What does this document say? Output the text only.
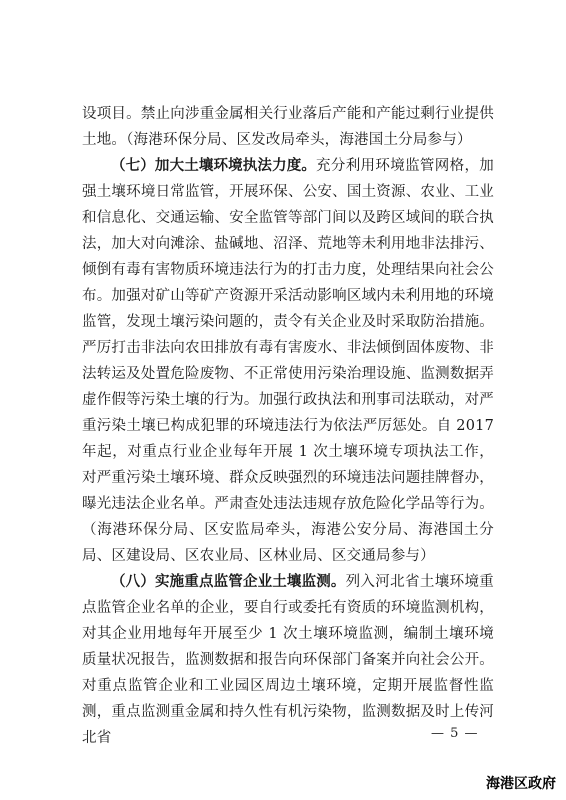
设项目。禁止向涉重金属相关行业落后产能和产能过剩行业提供土地。（海港环保分局、区发改局牵头，海港国土分局参与）

（七）加大土壤环境执法力度。充分利用环境监管网格，加强土壤环境日常监管，开展环保、公安、国土资源、农业、工业和信息化、交通运输、安全监管等部门间以及跨区域间的联合执法，加大对向滩涂、盐碱地、沼泽、荒地等未利用地非法排污、倾倒有毒有害物质环境违法行为的打击力度，处理结果向社会公布。加强对矿山等矿产资源开采活动影响区域内未利用地的环境监管，发现土壤污染问题的，责令有关企业及时采取防治措施。严厉打击非法向农田排放有毒有害废水、非法倾倒固体废物、非法转运及处置危险废物、不正常使用污染治理设施、监测数据弄虚作假等污染土壤的行为。加强行政执法和刑事司法联动，对严重污染土壤已构成犯罪的环境违法行为依法严厉惩处。自 2017 年起，对重点行业企业每年开展 1 次土壤环境专项执法工作，对严重污染土壤环境、群众反映强烈的环境违法问题挂牌督办，曝光违法企业名单。严肃查处违法违规存放危险化学品等行为。（海港环保分局、区安监局牵头，海港公安分局、海港国土分局、区建设局、区农业局、区林业局、区交通局参与）

（八）实施重点监管企业土壤监测。列入河北省土壤环境重点监管企业名单的企业，要自行或委托有资质的环境监测机构，对其企业用地每年开展至少 1 次土壤环境监测，编制土壤环境质量状况报告，监测数据和报告向环保部门备案并向社会公开。对重点监管企业和工业园区周边土壤环境，定期开展监督性监测，重点监测重金属和持久性有机污染物，监测数据及时上传河北省	— 5 —
海港区政府
